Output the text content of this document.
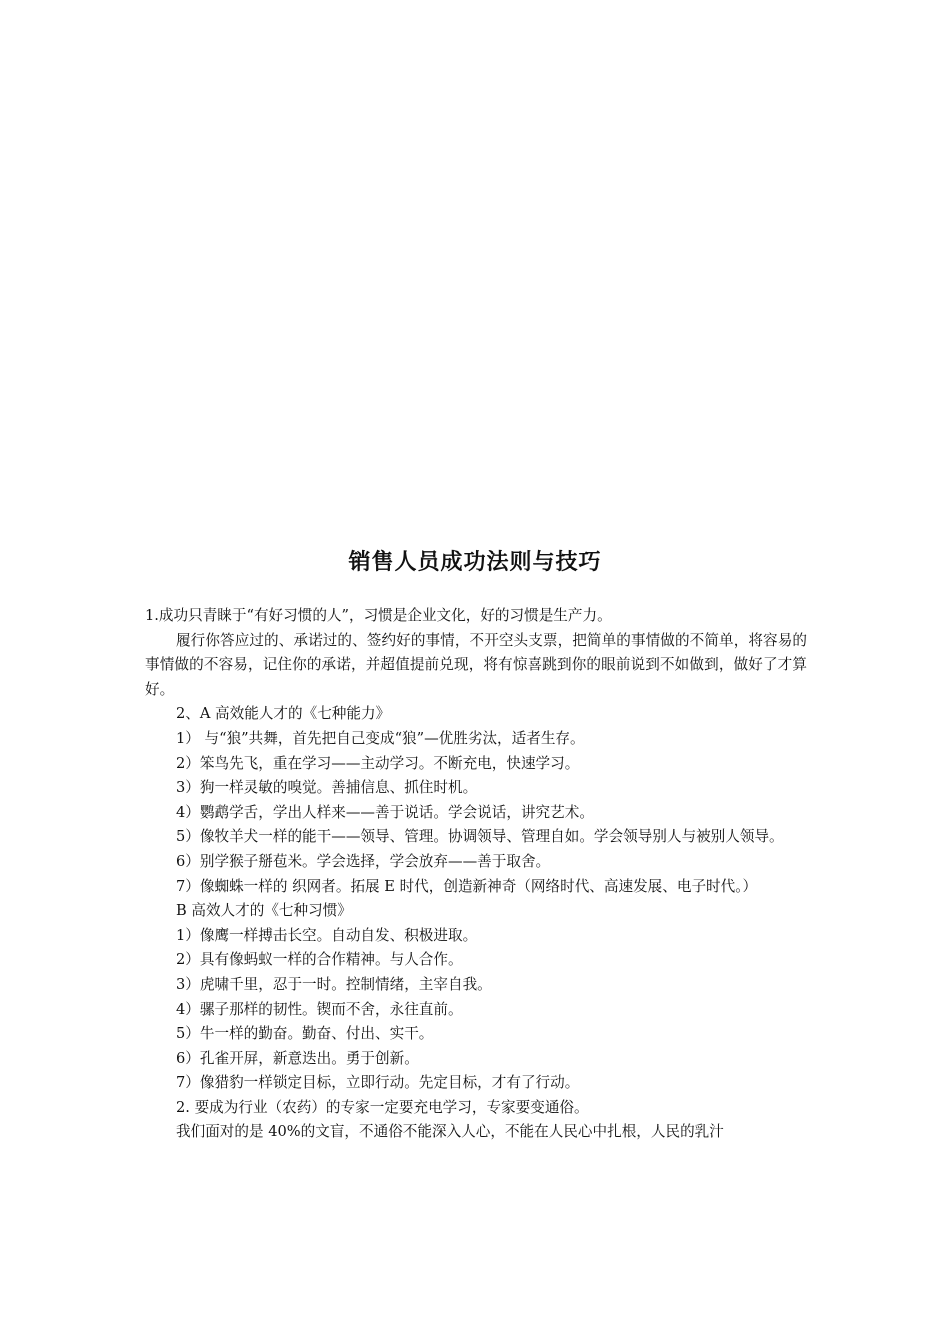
销售人员成功法则与技巧

1.成功只青睐于“有好习惯的人”，习惯是企业文化，好的习惯是生产力。

履行你答应过的、承诺过的、签约好的事情，不开空头支票，把简单的事情做的不简单，将容易的事情做的不容易，记住你的承诺，并超值提前兑现，将有惊喜跳到你的眼前说到不如做到，做好了才算好。

2、A 高效能人才的《七种能力》

1） 与“狼”共舞，首先把自己变成“狼”—优胜劣汰，适者生存。

2）笨鸟先飞，重在学习——主动学习。不断充电，快速学习。

3）狗一样灵敏的嗅觉。善捕信息、抓住时机。

4）鹦鹉学舌，学出人样来——善于说话。学会说话，讲究艺术。

5）像牧羊犬一样的能干——领导、管理。协调领导、管理自如。学会领导别人与被别人领导。

6）别学猴子掰苞米。学会选择，学会放弃——善于取舍。

7）像蜘蛛一样的 织网者。拓展 E 时代，创造新神奇（网络时代、高速发展、电子时代。）

B 高效人才的《七种习惯》

1）像鹰一样搏击长空。自动自发、积极进取。

2）具有像蚂蚁一样的合作精神。与人合作。

3）虎啸千里，忍于一时。控制情绪，主宰自我。

4）骡子那样的韧性。锲而不舍，永往直前。

5）牛一样的勤奋。勤奋、付出、实干。

6）孔雀开屏，新意迭出。勇于创新。

7）像猎豹一样锁定目标，立即行动。先定目标，才有了行动。

2. 要成为行业（农药）的专家一定要充电学习，专家要变通俗。

我们面对的是 40%的文盲，不通俗不能深入人心，不能在人民心中扎根，人民的乳汁
